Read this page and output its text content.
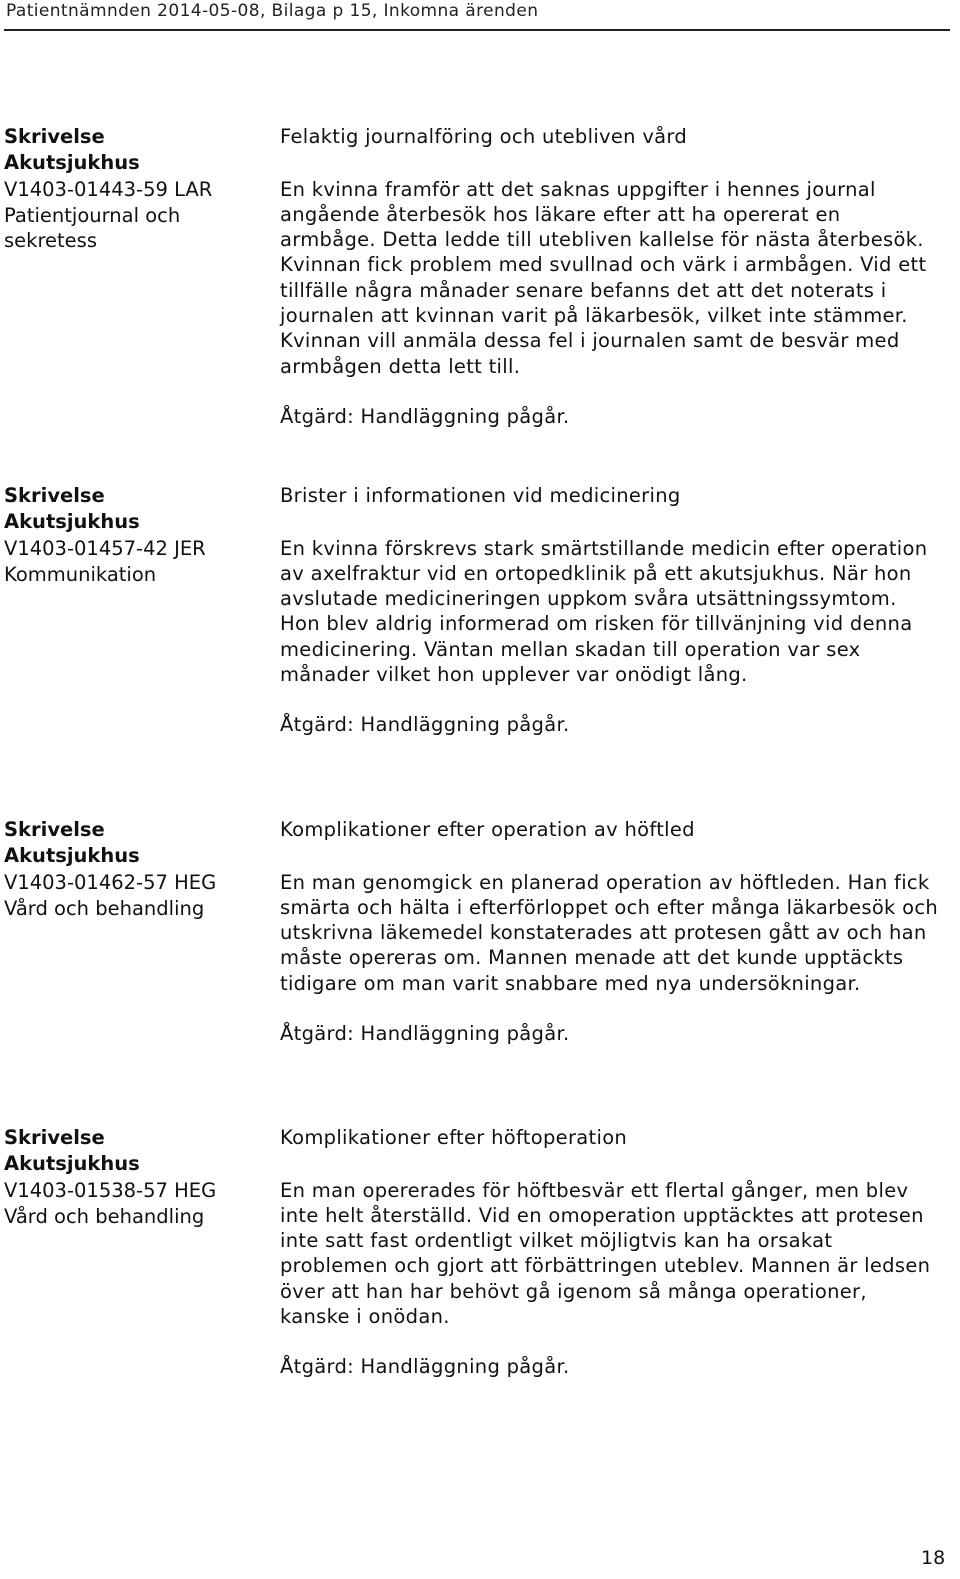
Patientnämnden 2014-05-08, Bilaga p 15, Inkomna ärenden
Skrivelse
Akutsjukhus
V1403-01443-59 LAR
Patientjournal och
sekretess

Felaktig journalföring och utebliven vård

En kvinna framför att det saknas uppgifter i hennes journal angående återbesök hos läkare efter att ha opererat en armbåge. Detta ledde till utebliven kallelse för nästa återbesök. Kvinnan fick problem med svullnad och värk i armbågen. Vid ett tillfälle några månader senare befanns det att det noterats i journalen att kvinnan varit på läkarbesök, vilket inte stämmer. Kvinnan vill anmäla dessa fel i journalen samt de besvär med armbågen detta lett till.

Åtgärd: Handläggning pågår.

Skrivelse
Akutsjukhus
V1403-01457-42 JER
Kommunikation

Brister i informationen vid medicinering

En kvinna förskrevs stark smärtstillande medicin efter operation av axelfraktur vid en ortopedklinik på ett akutsjukhus. När hon avslutade medicineringen uppkom svåra utsättningssymtom. Hon blev aldrig informerad om risken för tillvänjning vid denna medicinering. Väntan mellan skadan till operation var sex månader vilket hon upplever var onödigt lång.

Åtgärd: Handläggning pågår.

Skrivelse
Akutsjukhus
V1403-01462-57 HEG
Vård och behandling

Komplikationer efter operation av höftled

En man genomgick en planerad operation av höftleden. Han fick smärta och hälta i efterförloppet och efter många läkarbesök och utskrivna läkemedel konstaterades att protesen gått av och han måste opereras om. Mannen menade att det kunde upptäckts tidigare om man varit snabbare med nya undersökningar.

Åtgärd: Handläggning pågår.

Skrivelse
Akutsjukhus
V1403-01538-57 HEG
Vård och behandling

Komplikationer efter höftoperation

En man opererades för höftbesvär ett flertal gånger, men blev inte helt återställd. Vid en omoperation upptäcktes att protesen inte satt fast ordentligt vilket möjligtvis kan ha orsakat problemen och gjort att förbättringen uteblev. Mannen är ledsen över att han har behövt gå igenom så många operationer, kanske i onödan.

Åtgärd: Handläggning pågår.

18
